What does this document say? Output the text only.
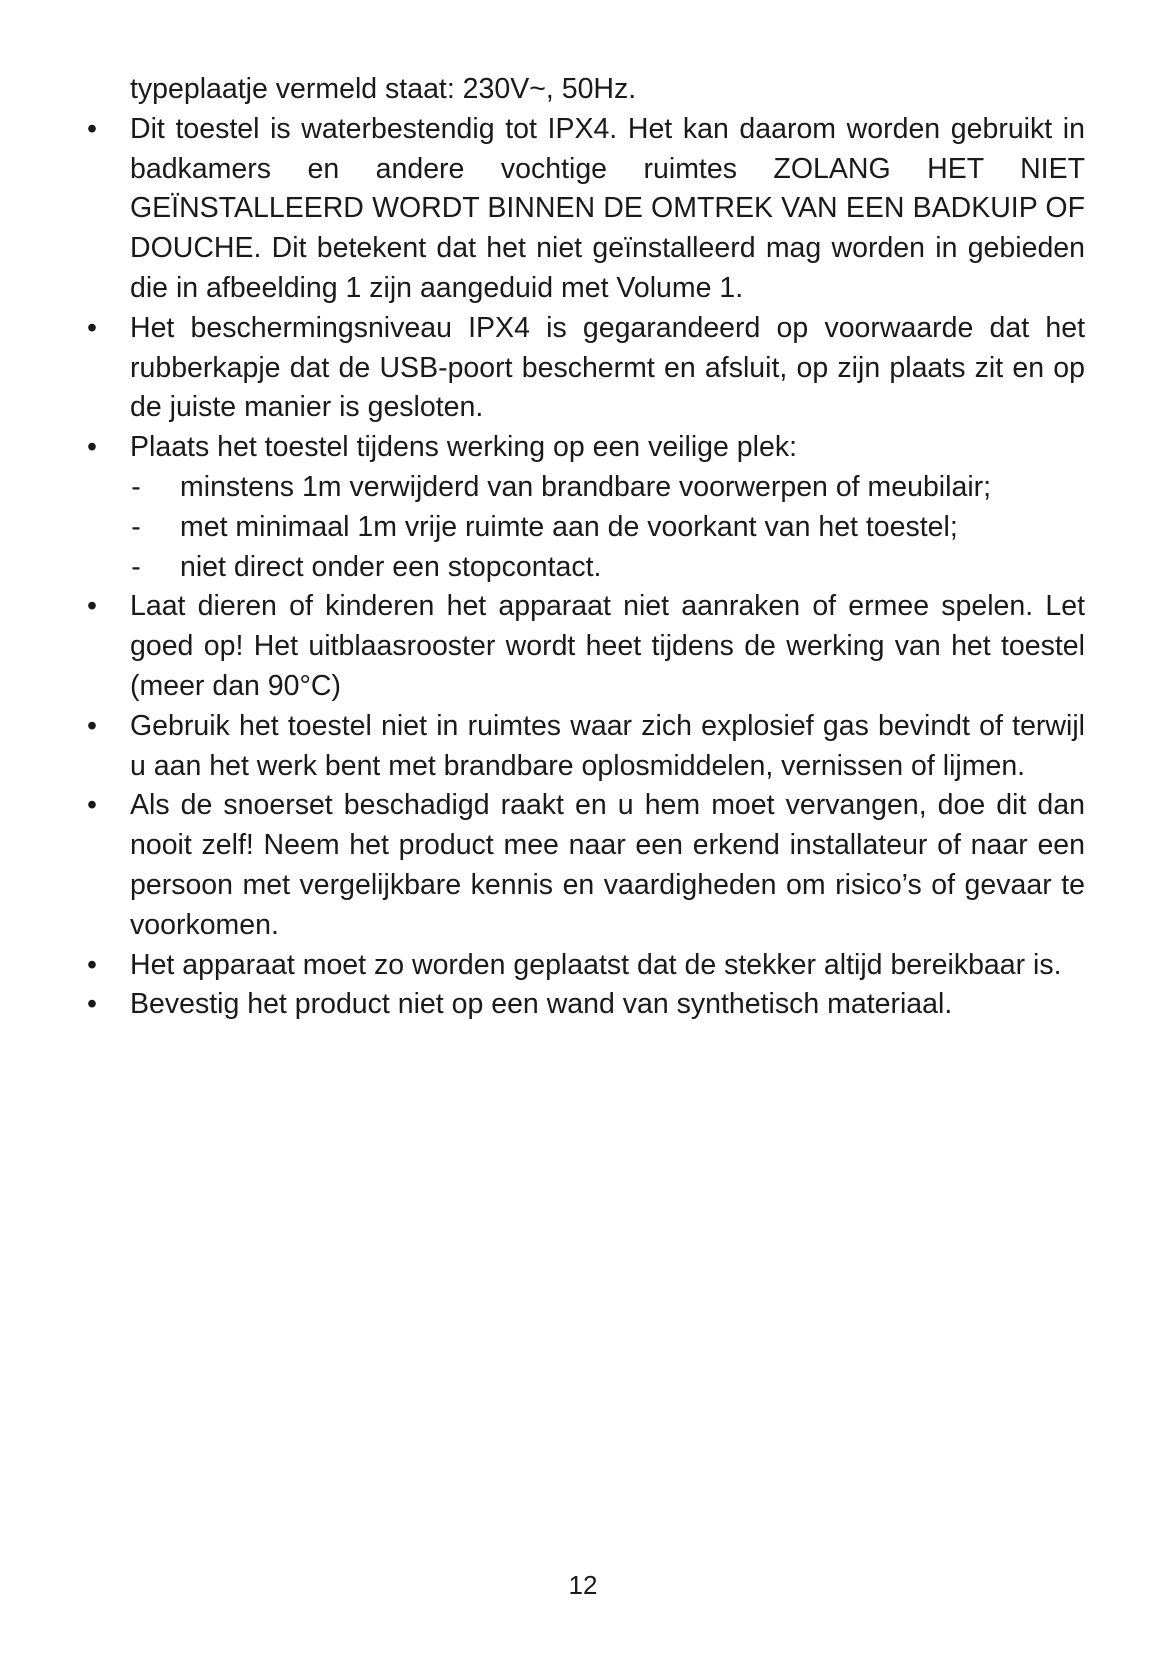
typeplaatje vermeld staat: 230V~, 50Hz.

• Dit toestel is waterbestendig tot IPX4. Het kan daarom worden gebruikt in badkamers en andere vochtige ruimtes ZOLANG HET NIET GEÏNSTALLEERD WORDT BINNEN DE OMTREK VAN EEN BADKUIP OF DOUCHE. Dit betekent dat het niet geïnstalleerd mag worden in gebieden die in afbeelding 1 zijn aangeduid met Volume 1.
• Het beschermingsniveau IPX4 is gegarandeerd op voorwaarde dat het rubberkapje dat de USB-poort beschermt en afsluit, op zijn plaats zit en op de juiste manier is gesloten.
• Plaats het toestel tijdens werking op een veilige plek:
- minstens 1m verwijderd van brandbare voorwerpen of meubilair;
- met minimaal 1m vrije ruimte aan de voorkant van het toestel;
- niet direct onder een stopcontact.
• Laat dieren of kinderen het apparaat niet aanraken of ermee spelen. Let goed op! Het uitblaasrooster wordt heet tijdens de werking van het toestel (meer dan 90°C)
• Gebruik het toestel niet in ruimtes waar zich explosief gas bevindt of terwijl u aan het werk bent met brandbare oplosmiddelen, vernissen of lijmen.
• Als de snoerset beschadigd raakt en u hem moet vervangen, doe dit dan nooit zelf! Neem het product mee naar een erkend installateur of naar een persoon met vergelijkbare kennis en vaardigheden om risico’s of gevaar te voorkomen.
• Het apparaat moet zo worden geplaatst dat de stekker altijd bereikbaar is.
• Bevestig het product niet op een wand van synthetisch materiaal.
12
